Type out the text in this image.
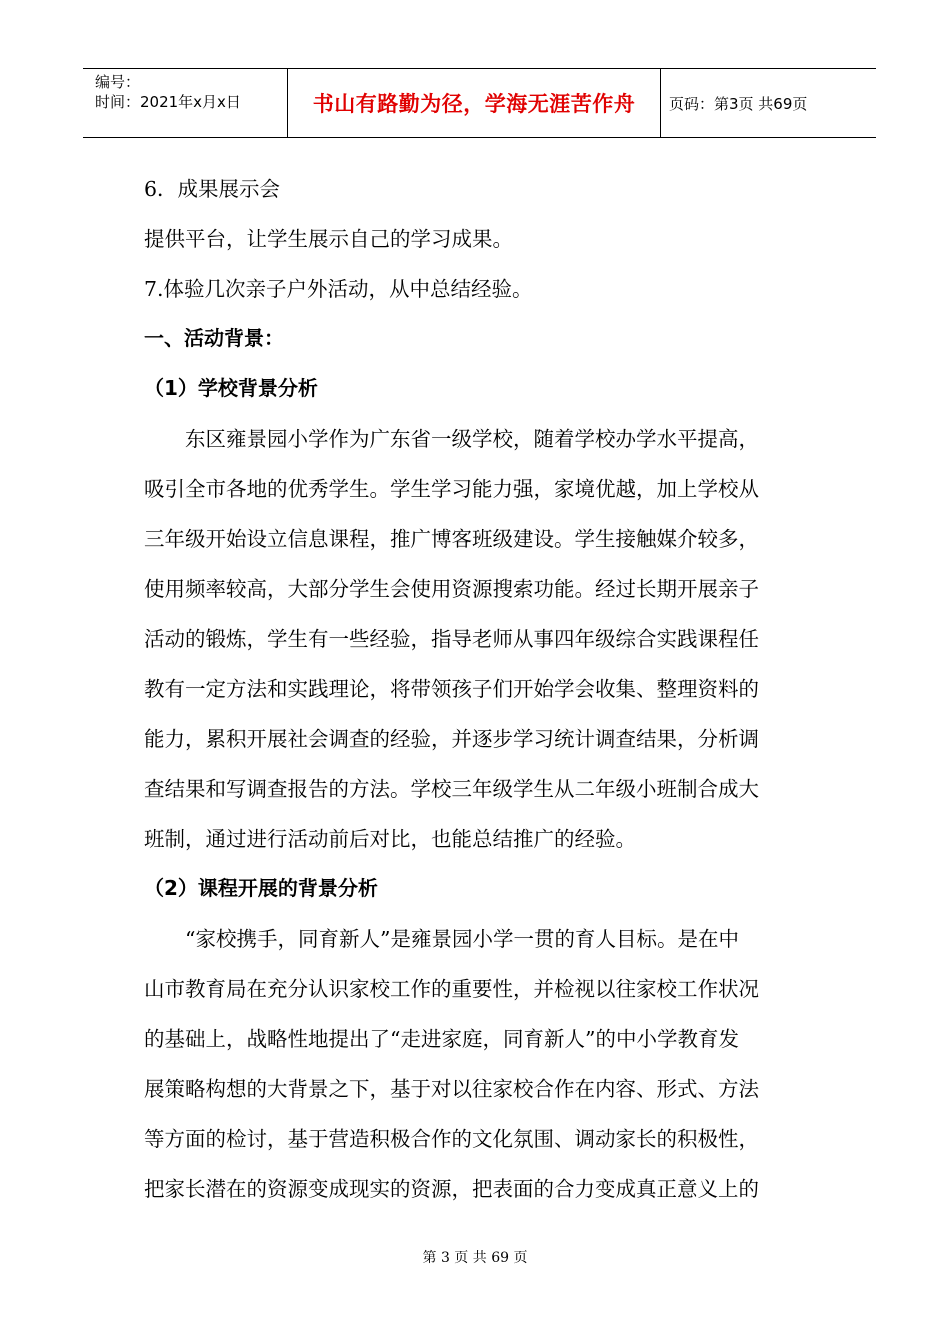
编号：
时间：2021年x月x日	书山有路勤为径，学海无涯苦作舟 页码：第3页 共69页
6．成果展示会
提供平台，让学生展示自己的学习成果。
7.体验几次亲子户外活动，从中总结经验。
一、活动背景：
（1）学校背景分析
　　东区雍景园小学作为广东省一级学校，随着学校办学水平提高，
吸引全市各地的优秀学生。学生学习能力强，家境优越，加上学校从
三年级开始设立信息课程，推广博客班级建设。学生接触媒介较多，
使用频率较高，大部分学生会使用资源搜索功能。经过长期开展亲子
活动的锻炼，学生有一些经验，指导老师从事四年级综合实践课程任
教有一定方法和实践理论，将带领孩子们开始学会收集、整理资料的
能力，累积开展社会调查的经验，并逐步学习统计调查结果，分析调
查结果和写调查报告的方法。学校三年级学生从二年级小班制合成大
班制，通过进行活动前后对比，也能总结推广的经验。
（2）课程开展的背景分析
　　“家校携手，同育新人”是雍景园小学一贯的育人目标。是在中
山市教育局在充分认识家校工作的重要性，并检视以往家校工作状况
的基础上，战略性地提出了“走进家庭，同育新人”的中小学教育发
展策略构想的大背景之下，基于对以往家校合作在内容、形式、方法
等方面的检讨，基于营造积极合作的文化氛围、调动家长的积极性，
把家长潜在的资源变成现实的资源，把表面的合力变成真正意义上的
第 3 页 共 69 页
